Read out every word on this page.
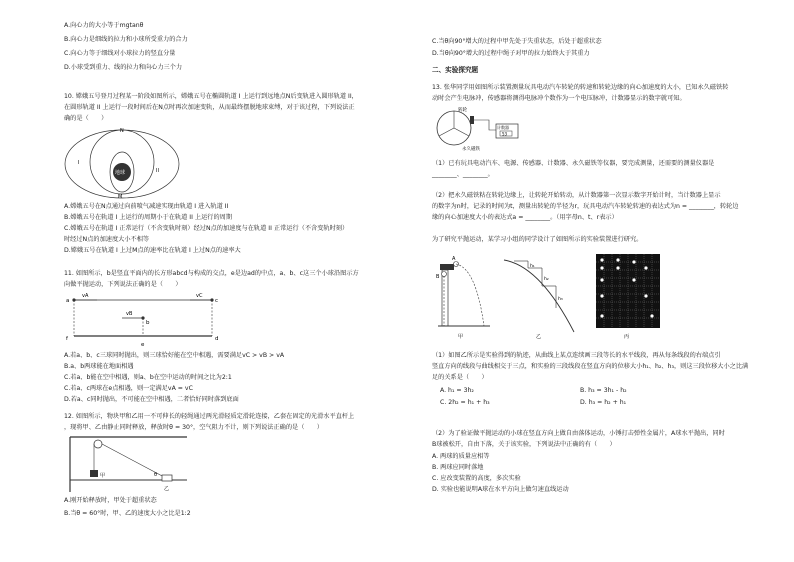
A.向心力的大小等于mgtanθ
B.向心力是细线的拉力和小球所受重力的合力
C.向心力等于细线对小球拉力的竖直分量
D.小球受到重力、线的拉力和向心力三个力
10. 嫦娥五号登月过程某一阶段如图所示，嫦娥五号在椭圆轨道 I 上运行到远地点N后变轨进入圆形轨道 II，
在圆形轨道 II 上运行一段时间后在N点时再次加速变轨，从而最终摆脱地球束缚，对于该过程，下列说法正
确的是（　　）
地球
N
I
II
M
A.嫦娥五号在N点通过向前喷气减速实现由轨道 I 进入轨道 II
B.嫦娥五号在轨道 I 上运行的周期小于在轨道 II 上运行的周期
C.嫦娥五号在轨道 I 正常运行（不含变轨时刻）经过N点的加速度与在轨道 II 正常运行（不含变轨时刻）
时经过N点的加速度大小不相等
D.嫦娥五号在轨道 I 上过M点的速率比在轨道 I 上过N点的速率大
11. 如图所示，b是竖直平面内的长方形abcd与构成的交点，e是边ad的中点，a、b、c这三个小球沿图示方
向做平抛运动，下列说法正确的是（　　）
a
b
c
d
e
f
vA
vB
vC
A.若a、b、c三球同时抛出，则三球恰好能在空中相遇，需要满足vC > vB > vA
B.a、b两球能在地面相遇
C.若a、b能在空中相遇，则a、b在空中运动的时间之比为2:1
C.若a、c两球在e点相遇，则一定满足vA = vC
D.若a、c同时抛出，不可能在空中相遇，二者恰好同时落到底面
12. 如图所示，物块甲和乙用一不可伸长的轻绳通过两光滑轻质定滑轮连接，乙套在固定的光滑水平直杆上
，现将甲、乙由静止同时释放，释放时θ = 30°，空气阻力不计，则下列说法正确的是（　　）
θ
甲
乙
A.刚开始释放时，甲处于超重状态
B.当θ = 60°时，甲、乙的速度大小之比是1:2
C.当θ向90°增大的过程中甲先处于失重状态，后处于超重状态
D.当θ向90°增大的过程中绳子对甲的拉力始终大于其重力
二、实验探究题
13. 张华同学用如图所示装置测量玩具电动汽车转轮的转速和转轮边缘的向心加速度的大小，已知永久磁铁转
动时会产生电脉冲，传感器将测得电脉冲个数作为一个电压脉冲，计数器显示的数字就可知。
转轮
计数器
53
永久磁铁
（1）已有玩具电动汽车、电源、传感器、计数器、永久磁铁等仪器，要完成测量，还需要的测量仪器是
________、________。
（2）把永久磁铁粘在转轮边缘上，让转轮开始转动，从计数器第一次显示数字开始计时，当计数器上显示
的数字为n时，记录的时间为t，测量出转轮的半径为r，玩具电动汽车转轮转速的表达式为n = ________，转轮边
缘的向心加速度大小的表达式a = ________。（用字母n、t、r表示）
为了研究平抛运动，某学习小组的同学设计了如图所示的实验装置进行研究。
A
B
甲
h₁
h₂
h₃
乙	丙
（1）如图乙所示是实验得到的轨迹，从曲线上某点连续画三段等长的水平线段，再从每条线段的右端点引
竖直方向的线段与曲线相交于三点，和实验的三段线段在竖直方向的位移大小h₁、h₂、h₃，则这三段位移大小之比满
足的关系是（　　）
A. h₁ = 3h₂	B. h₃ = 3h₁ - h₂
C. 2h₂ = h₁ + h₃	D. h₃ = h₂ + h₁
（2）为了验证做平抛运动的小球在竖直方向上做自由落体运动，小锤打击弹性金属片，A球水平抛出，同时
B球被松开，自由下落，关于该实验，下列说法中正确的有（　　）
A. 两球的质量应相等
B. 两球应同时落地
C. 应改变装置的高度，多次实验
D. 实验也能说明A球在水平方向上做匀速直线运动
